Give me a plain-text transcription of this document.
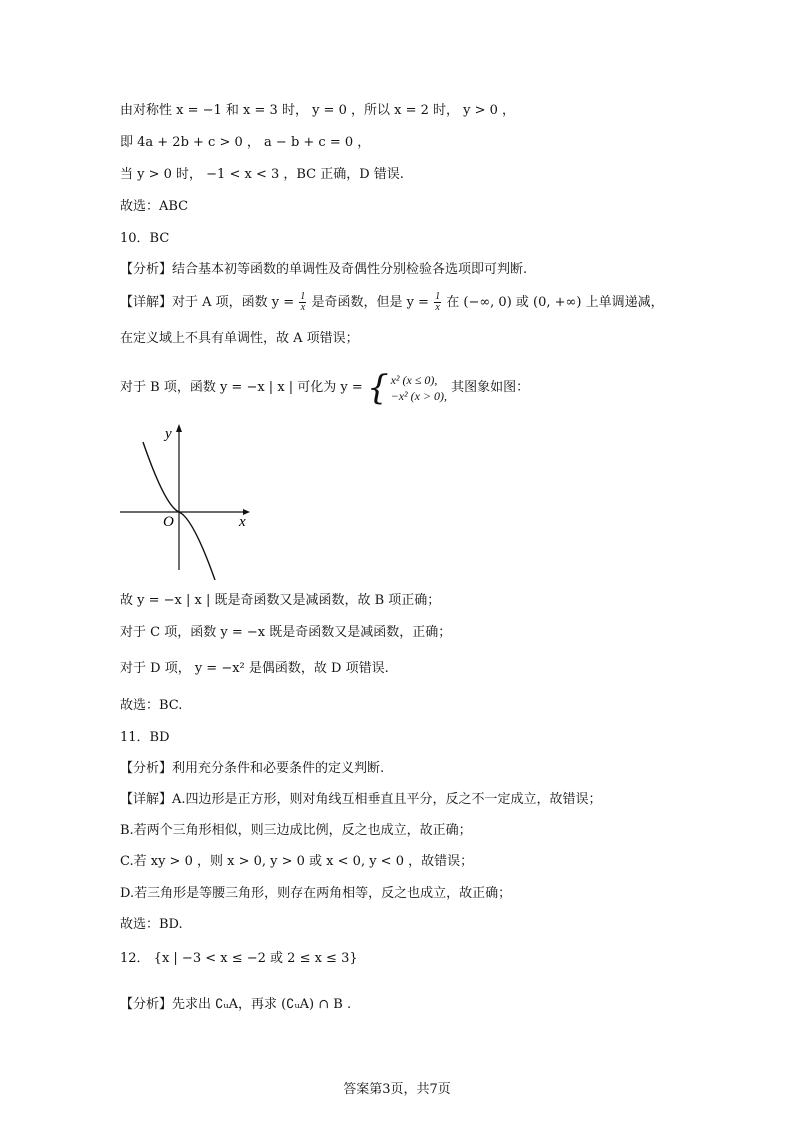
由对称性 x = −1 和 x = 3 时， y = 0 ，所以 x = 2 时， y > 0 ，
即 4a + 2b + c > 0 ， a − b + c = 0 ，
当 y > 0 时， −1 < x < 3 ，BC 正确，D 错误.
故选：ABC
10．BC
【分析】结合基本初等函数的单调性及奇偶性分别检验各选项即可判断.
【详解】对于 A 项，函数 $y = \frac{1}{x}$ 是奇函数，但是 $y = \frac{1}{x}$ 在 (−∞, 0) 或 (0, +∞) 上单调递减，
在定义域上不具有单调性，故 A 项错误；
对于 B 项，函数 y = −x | x | 可化为 y = { x² (x ≤ 0),
−x² (x > 0),
其图象如图：
y
x
O
故 y = −x | x | 既是奇函数又是减函数，故 B 项正确；
对于 C 项，函数 y = −x 既是奇函数又是减函数，正确；
对于 D 项， y = −x² 是偶函数，故 D 项错误.
故选：BC.
11．BD
【分析】利用充分条件和必要条件的定义判断.
【详解】A.四边形是正方形，则对角线互相垂直且平分，反之不一定成立，故错误；
B.若两个三角形相似，则三边成比例，反之也成立，故正确；
C.若 xy > 0 ，则 x > 0, y > 0 或 x < 0, y < 0 ，故错误；
D.若三角形是等腰三角形，则存在两角相等，反之也成立，故正确；
故选：BD.
12． {x | −3 < x ≤ −2 或 2 ≤ x ≤ 3}
【分析】先求出 ∁ᵤA，再求 (∁ᵤA) ∩ B .
答案第3页，共7页
